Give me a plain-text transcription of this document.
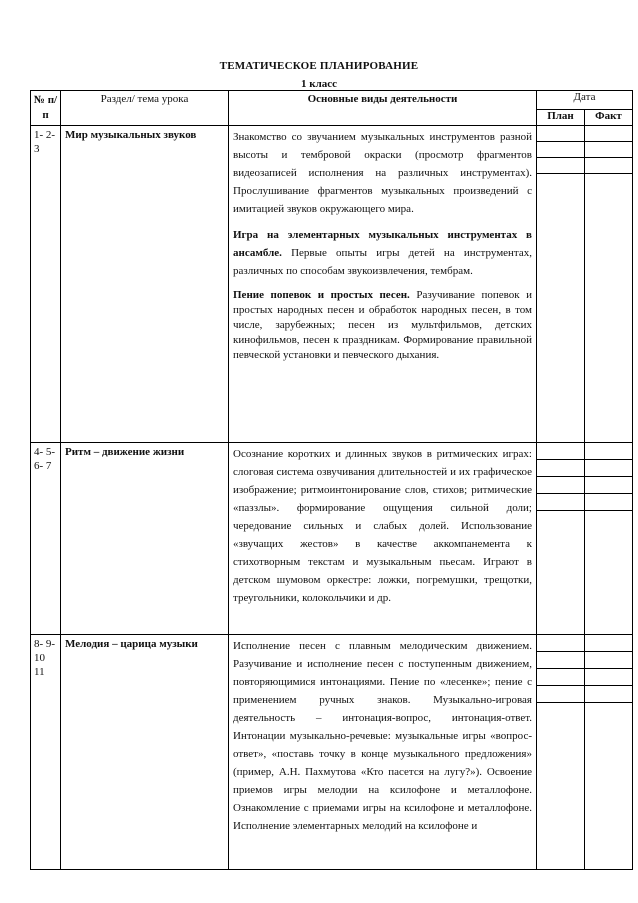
ТЕМАТИЧЕСКОЕ ПЛАНИРОВАНИЕ
1 класс
№ п/п	Раздел/ тема урока	Основные виды деятельности	Дата	
			План	Факт
1- 2- 3	Мир музыкальных звуков	Знакомство со звучанием музыкальных инструментов разной высоты и тембровой окраски (просмотр фрагментов видеозаписей исполнения на различных инструментах). Прослушивание фрагментов музыкальных произведений с имитацией звуков окружающего мира.

Игра на элементарных музыкальных инструментах в ансамбле. Первые опыты игры детей на инструментах, различных по способам звукоизвлечения, тембрам.

Пение попевок и простых песен. Разучивание попевок и простых народных песен и обработок народных песен, в том числе, зарубежных; песен из мультфильмов, детских кинофильмов, песен к праздникам. Формирование правильной певческой установки и певческого дыхания.		

4- 5- 6- 7	Ритм – движение жизни	Осознание коротких и длинных звуков в ритмических играх: слоговая система озвучивания длительностей и их графическое изображение; ритмоинтонирование слов, стихов; ритмические «паззлы». формирование ощущения сильной доли; чередование сильных и слабых долей. Использование «звучащих жестов» в качестве аккомпанемента к стихотворным текстам и музыкальным пьесам. Играют в детском шумовом оркестре: ложки, погремушки, трещотки, треугольники, колокольчики и др.		

8- 9- 10 11	Мелодия – царица музыки	Исполнение песен с плавным мелодическим движением. Разучивание и исполнение песен с поступенным движением, повторяющимися интонациями. Пение по «лесенке»; пение с применением ручных знаков. Музыкально-игровая деятельность – интонация-вопрос, интонация-ответ. Интонации музыкально-речевые: музыкальные игры «вопрос-ответ», «поставь точку в конце музыкального предложения» (пример, А.Н. Пахмутова «Кто пасется на лугу?»). Освоение приемов игры мелодии на ксилофоне и металлофоне. Ознакомление с приемами игры на ксилофоне и металлофоне. Исполнение элементарных мелодий на ксилофоне и		
